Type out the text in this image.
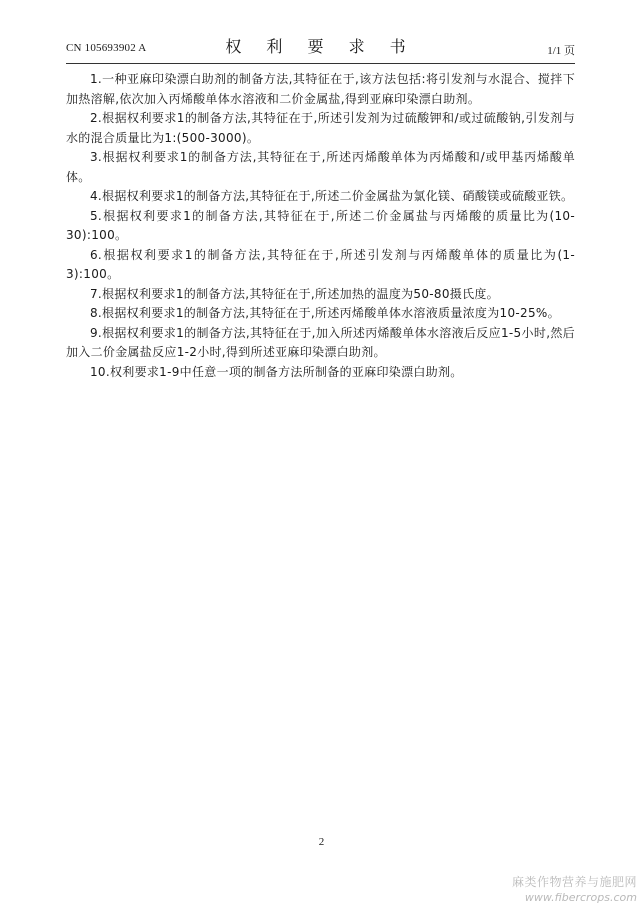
CN 105693902 A	权 利 要 求 书	1/1 页

1.一种亚麻印染漂白助剂的制备方法,其特征在于,该方法包括:将引发剂与水混合、搅拌下加热溶解,依次加入丙烯酸单体水溶液和二价金属盐,得到亚麻印染漂白助剂。

2.根据权利要求1的制备方法,其特征在于,所述引发剂为过硫酸钾和/或过硫酸钠,引发剂与水的混合质量比为1:(500-3000)。

3.根据权利要求1的制备方法,其特征在于,所述丙烯酸单体为丙烯酸和/或甲基丙烯酸单体。

4.根据权利要求1的制备方法,其特征在于,所述二价金属盐为氯化镁、硝酸镁或硫酸亚铁。

5.根据权利要求1的制备方法,其特征在于,所述二价金属盐与丙烯酸的质量比为(10-30):100。

6.根据权利要求1的制备方法,其特征在于,所述引发剂与丙烯酸单体的质量比为(1-3):100。

7.根据权利要求1的制备方法,其特征在于,所述加热的温度为50-80摄氏度。

8.根据权利要求1的制备方法,其特征在于,所述丙烯酸单体水溶液质量浓度为10-25%。

9.根据权利要求1的制备方法,其特征在于,加入所述丙烯酸单体水溶液后反应1-5小时,然后加入二价金属盐反应1-2小时,得到所述亚麻印染漂白助剂。

10.权利要求1-9中任意一项的制备方法所制备的亚麻印染漂白助剂。

2
麻类作物营养与施肥网
www.fibercrops.com
